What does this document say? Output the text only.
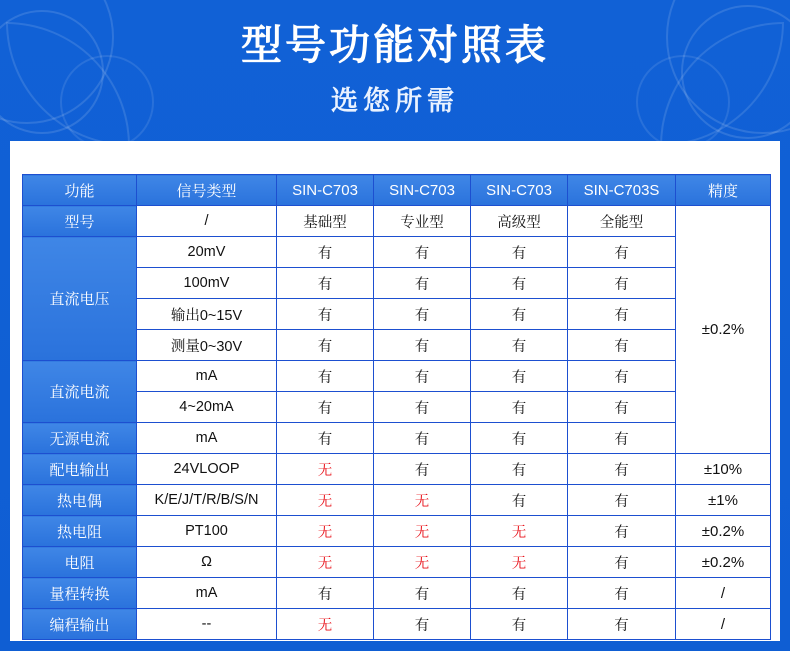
型号功能对照表
选您所需
功能	信号类型	SIN-C703	SIN-C703	SIN-C703	SIN-C703S	精度
型号	/	基础型	专业型	高级型	全能型	±0.2%
直流电压	20mV	有	有	有	有	
	100mV	有	有	有	有	
	输出0~15V	有	有	有	有	
	测量0~30V	有	有	有	有	
直流电流	mA	有	有	有	有	
	4~20mA	有	有	有	有	
无源电流	mA	有	有	有	有	
配电输出	24VLOOP	无	有	有	有	±10%
热电偶	K/E/J/T/R/B/S/N	无	无	有	有	±1%
热电阻	PT100	无	无	无	有	±0.2%
电阻	Ω	无	无	无	有	±0.2%
量程转换	mA	有	有	有	有	/
编程输出	--	无	有	有	有	/
